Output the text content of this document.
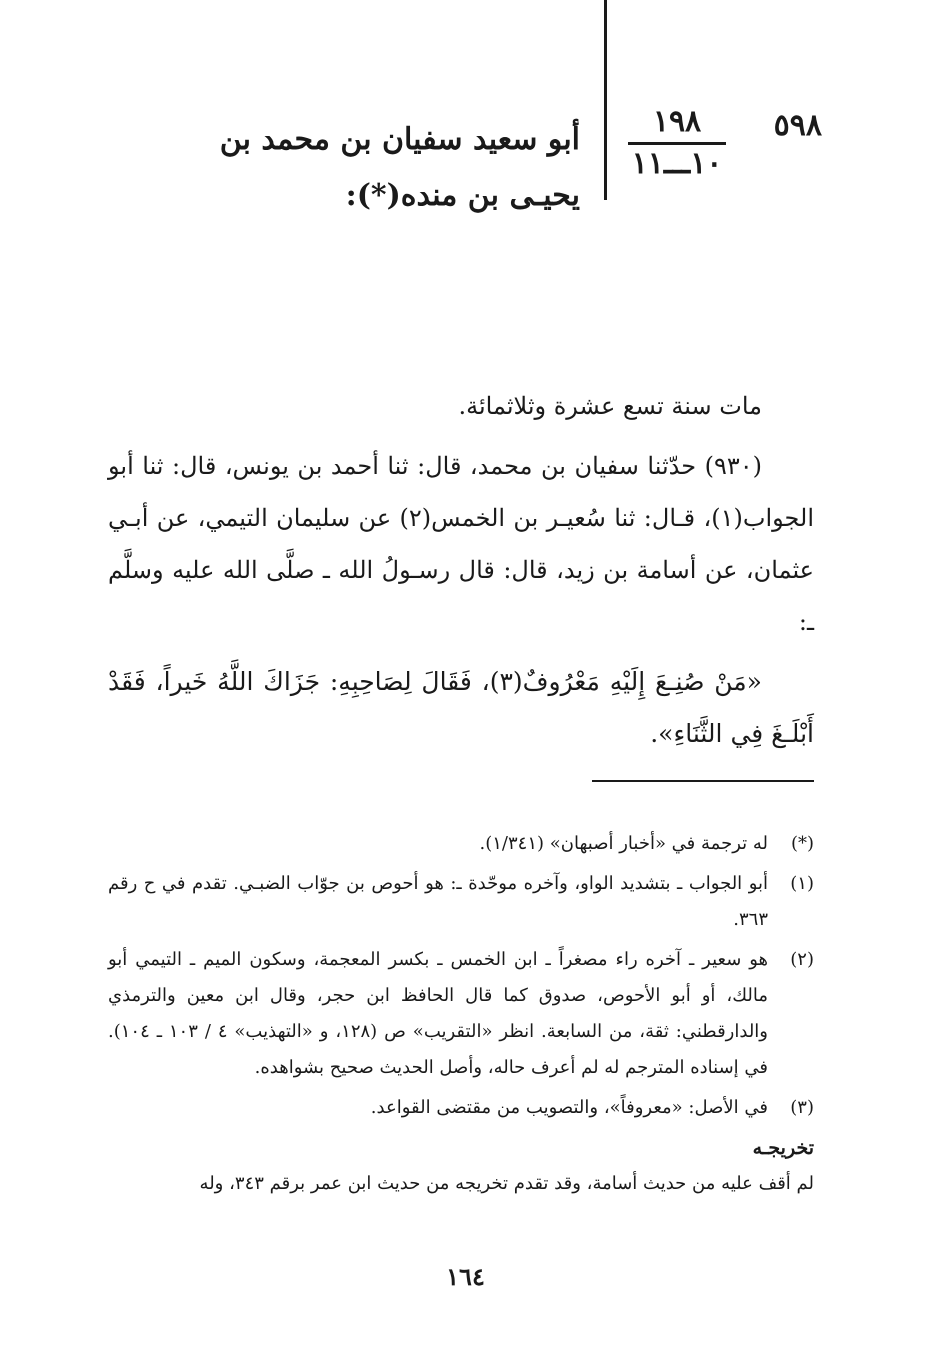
٥٩٨
١٩٨
١٠ـــ١١
أبو سعيد سفيان بن محمد بن يحيـى بن منده(*):

مات سنة تسع عشرة وثلاثمائة.

(٩٣٠) حدّثنا سفيان بن محمد، قال: ثنا أحمد بن يونس، قال: ثنا أبو الجواب(١)، قـال: ثنا سُعيـر بن الخمس(٢) عن سليمان التيمي، عن أبـي عثمان، عن أسامة بن زيد، قال: قال رسـولُ الله ـ صلَّى الله عليه وسلَّم ـ:

«مَنْ صُنِـعَ إِلَيْهِ مَعْرُوفٌ(٣)، فَقَالَ لِصَاحِبِهِ: جَزَاكَ اللَّهُ خَيراً، فَقَدْ أَبْلَـغَ فِي الثَّنَاءِ».

(*)
له ترجمة في «أخبار أصبهان» (١/٣٤١).
(١)
أبو الجواب ـ بتشديد الواو، وآخره موحّدة ـ: هو أحوص بن جوّاب الضبـي. تقدم في ح رقم ٣٦٣.
(٢)
هو سعير ـ آخره راء مصغراً ـ ابن الخمس ـ بكسر المعجمة، وسكون الميم ـ التيمي أبو مالك، أو أبو الأحوص، صدوق كما قال الحافظ ابن حجر، وقال ابن معين والترمذي والدارقطني: ثقة، من السابعة. انظر «التقريب» ص (١٢٨، و «التهذيب» ٤ / ١٠٣ ـ ١٠٤). في إسناده المترجم له لم أعرف حاله، وأصل الحديث صحيح بشواهده.
(٣)
في الأصل: «معروفاً»، والتصويب من مقتضى القواعد.
تخريجـه

لم أقف عليه من حديث أسامة، وقد تقدم تخريجه من حديث ابن عمر برقم ٣٤٣، وله

١٦٤
